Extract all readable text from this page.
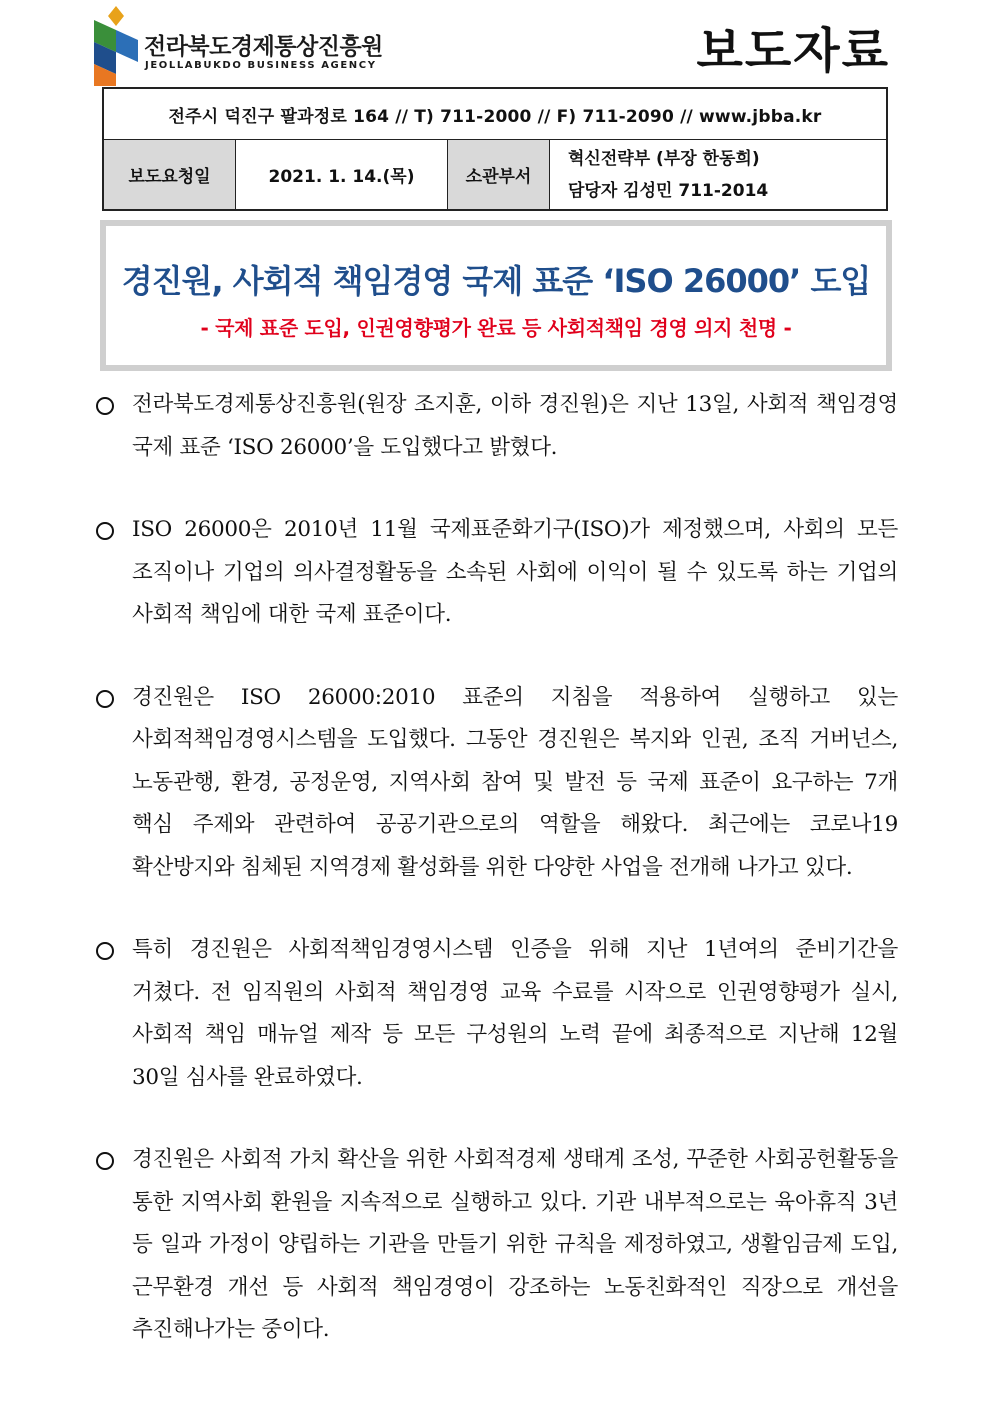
전라북도경제통상진흥원
JEOLLABUKDO BUSINESS AGENCY	보도자료
전주시 덕진구 팔과정로 164 // T) 711-2000 // F) 711-2090 // www.jbba.kr
보도요청일	2021. 1. 14.(목)	소관부서
혁신전략부 (부장 한동희)
담당자 김성민 711-2014
경진원, 사회적 책임경영 국제 표준 ‘ISO 26000’ 도입
- 국제 표준 도입, 인권영향평가 완료 등 사회적책임 경영 의지 천명 -
전라북도경제통상진흥원(원장 조지훈, 이하 경진원)은 지난 13일, 사회적 책임경영 국제 표준 ‘ISO 26000’을 도입했다고 밝혔다.
ISO 26000은 2010년 11월 국제표준화기구(ISO)가 제정했으며, 사회의 모든 조직이나 기업의 의사결정활동을 소속된 사회에 이익이 될 수 있도록 하는 기업의 사회적 책임에 대한 국제 표준이다.
경진원은 ISO 26000:2010 표준의 지침을 적용하여 실행하고 있는 사회적책임경영시스템을 도입했다. 그동안 경진원은 복지와 인권, 조직 거버넌스, 노동관행, 환경, 공정운영, 지역사회 참여 및 발전 등 국제 표준이 요구하는 7개 핵심 주제와 관련하여 공공기관으로의 역할을 해왔다. 최근에는 코로나19 확산방지와 침체된 지역경제 활성화를 위한 다양한 사업을 전개해 나가고 있다.
특히 경진원은 사회적책임경영시스템 인증을 위해 지난 1년여의 준비기간을 거쳤다. 전 임직원의 사회적 책임경영 교육 수료를 시작으로 인권영향평가 실시, 사회적 책임 매뉴얼 제작 등 모든 구성원의 노력 끝에 최종적으로 지난해 12월 30일 심사를 완료하였다.
경진원은 사회적 가치 확산을 위한 사회적경제 생태계 조성, 꾸준한 사회공헌활동을 통한 지역사회 환원을 지속적으로 실행하고 있다. 기관 내부적으로는 육아휴직 3년 등 일과 가정이 양립하는 기관을 만들기 위한 규칙을 제정하였고, 생활임금제 도입, 근무환경 개선 등 사회적 책임경영이 강조하는 노동친화적인 직장으로 개선을 추진해나가는 중이다.
